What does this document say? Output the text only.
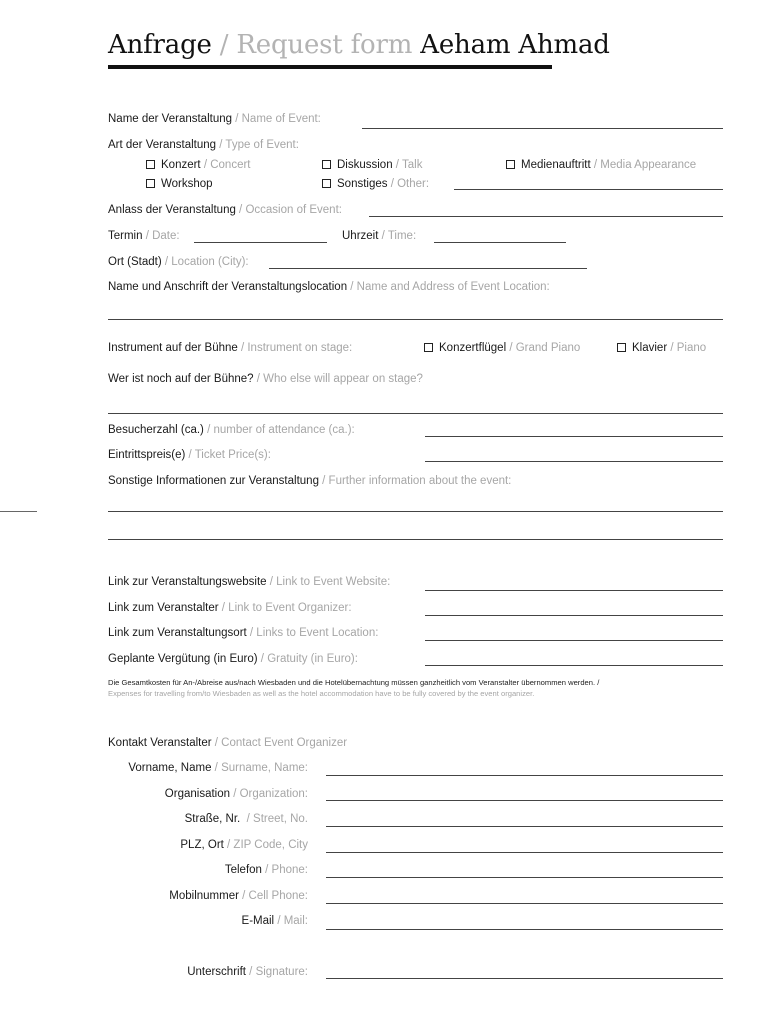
Anfrage / Request form Aeham Ahmad
Name der Veranstaltung / Name of Event:
Art der Veranstaltung / Type of Event:
Konzert / Concert	Diskussion / Talk	Medienauftritt / Media Appearance
Workshop	Sonstiges / Other:
Anlass der Veranstaltung / Occasion of Event:
Termin / Date:	Uhrzeit / Time:
Ort (Stadt) / Location (City):
Name und Anschrift der Veranstaltungslocation / Name and Address of Event Location:
Instrument auf der Bühne / Instrument on stage:	Konzertflügel / Grand Piano	Klavier / Piano
Wer ist noch auf der Bühne? / Who else will appear on stage?
Besucherzahl (ca.) / number of attendance (ca.):
Eintrittspreis(e) / Ticket Price(s):
Sonstige Informationen zur Veranstaltung / Further information about the event:
Link zur Veranstaltungswebsite / Link to Event Website:
Link zum Veranstalter / Link to Event Organizer:
Link zum Veranstaltungsort / Links to Event Location:
Geplante Vergütung (in Euro) / Gratuity (in Euro):
Die Gesamtkosten für An-/Abreise aus/nach Wiesbaden und die Hotelübernachtung müssen ganzheitlich vom Veranstalter übernommen werden. /
Expenses for travelling from/to Wiesbaden as well as the hotel accommodation have to be fully covered by the event organizer.
Kontakt Veranstalter / Contact Event Organizer
Vorname, Name / Surname, Name:
Organisation / Organization:
Straße, Nr.  / Street, No.
PLZ, Ort / ZIP Code, City
Telefon / Phone:
Mobilnummer / Cell Phone:
E-Mail / Mail:
Unterschrift / Signature:
